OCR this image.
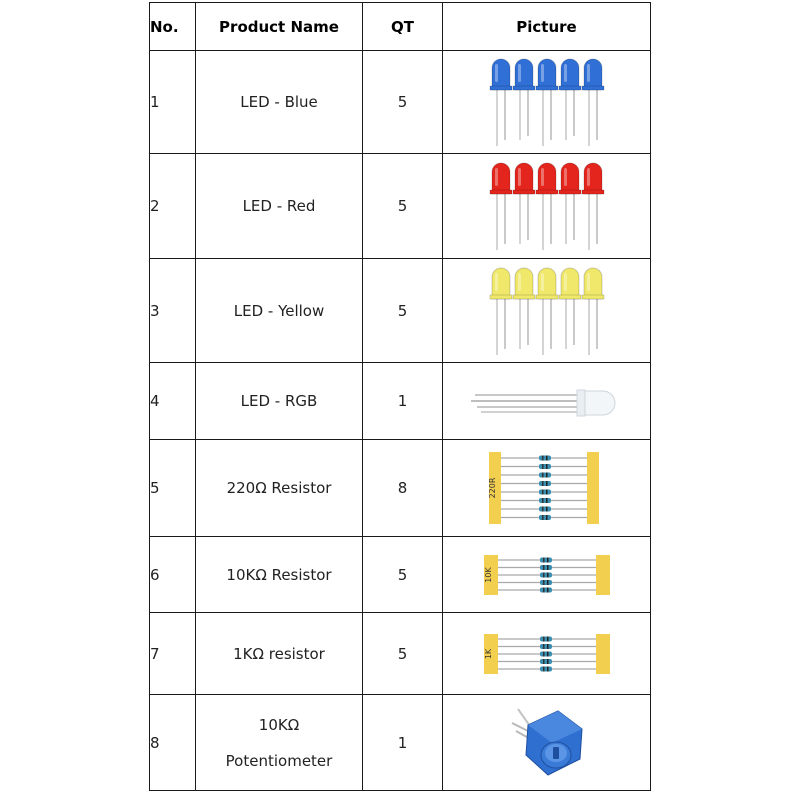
No.	Product Name	QT	Picture
1	LED - Blue	5	

2	LED - Red	5	

3	LED - Yellow	5	

4	LED - RGB	1	

5	220Ω Resistor	8	220R

6	10KΩ Resistor	5	10K

7	1KΩ resistor	5	1K

8	10KΩ
Potentiometer	1	
